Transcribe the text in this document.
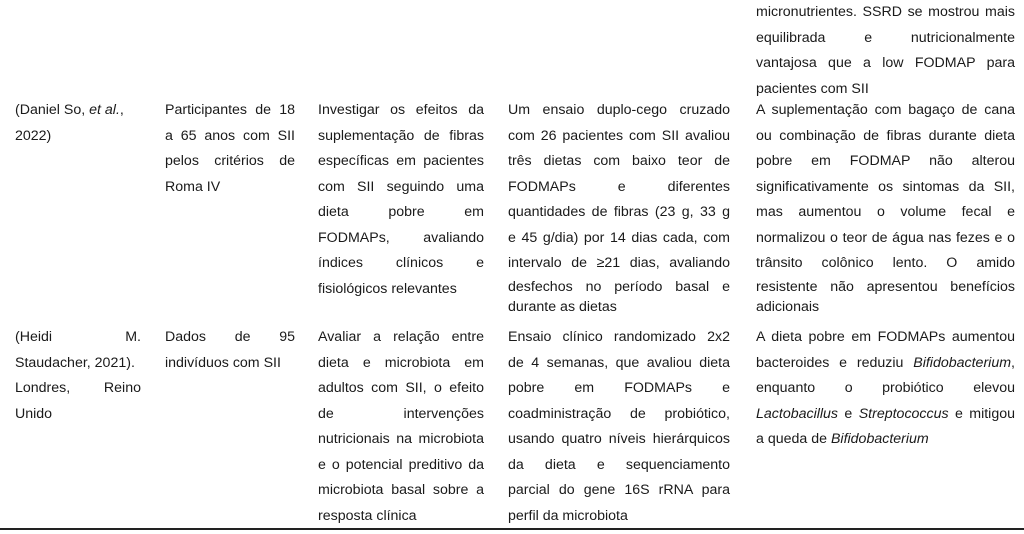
micronutrientes. SSRD se mostrou mais
equilibrada e nutricionalmente
vantajosa que a low FODMAP para
pacientes com SII
(Daniel So, et al.,
2022)
Participantes de 18
a 65 anos com SII
pelos critérios de
Roma IV
Investigar os efeitos da
suplementação de fibras
específicas em pacientes
com SII seguindo uma
dieta pobre em
FODMAPs, avaliando
índices clínicos e
fisiológicos relevantes
Um ensaio duplo-cego cruzado
com 26 pacientes com SII avaliou
três dietas com baixo teor de
FODMAPs e diferentes
quantidades de fibras (23 g, 33 g
e 45 g/dia) por 14 dias cada, com
intervalo de ≥21 dias, avaliando
desfechos no período basal e
durante as dietas
A suplementação com bagaço de cana
ou combinação de fibras durante dieta
pobre em FODMAP não alterou
significativamente os sintomas da SII,
mas aumentou o volume fecal e
normalizou o teor de água nas fezes e o
trânsito colônico lento. O amido
resistente não apresentou benefícios
adicionais
(Heidi M.
Staudacher, 2021).
Londres, Reino
Unido
Dados de 95
indivíduos com SII
Avaliar a relação entre
dieta e microbiota em
adultos com SII, o efeito
de intervenções
nutricionais na microbiota
e o potencial preditivo da
microbiota basal sobre a
resposta clínica
Ensaio clínico randomizado 2x2
de 4 semanas, que avaliou dieta
pobre em FODMAPs e
coadministração de probiótico,
usando quatro níveis hierárquicos
da dieta e sequenciamento
parcial do gene 16S rRNA para
perfil da microbiota
A dieta pobre em FODMAPs aumentou
bacteroides e reduziu Bifidobacterium,
enquanto o probiótico elevou
Lactobacillus e Streptococcus e mitigou
a queda de Bifidobacterium
